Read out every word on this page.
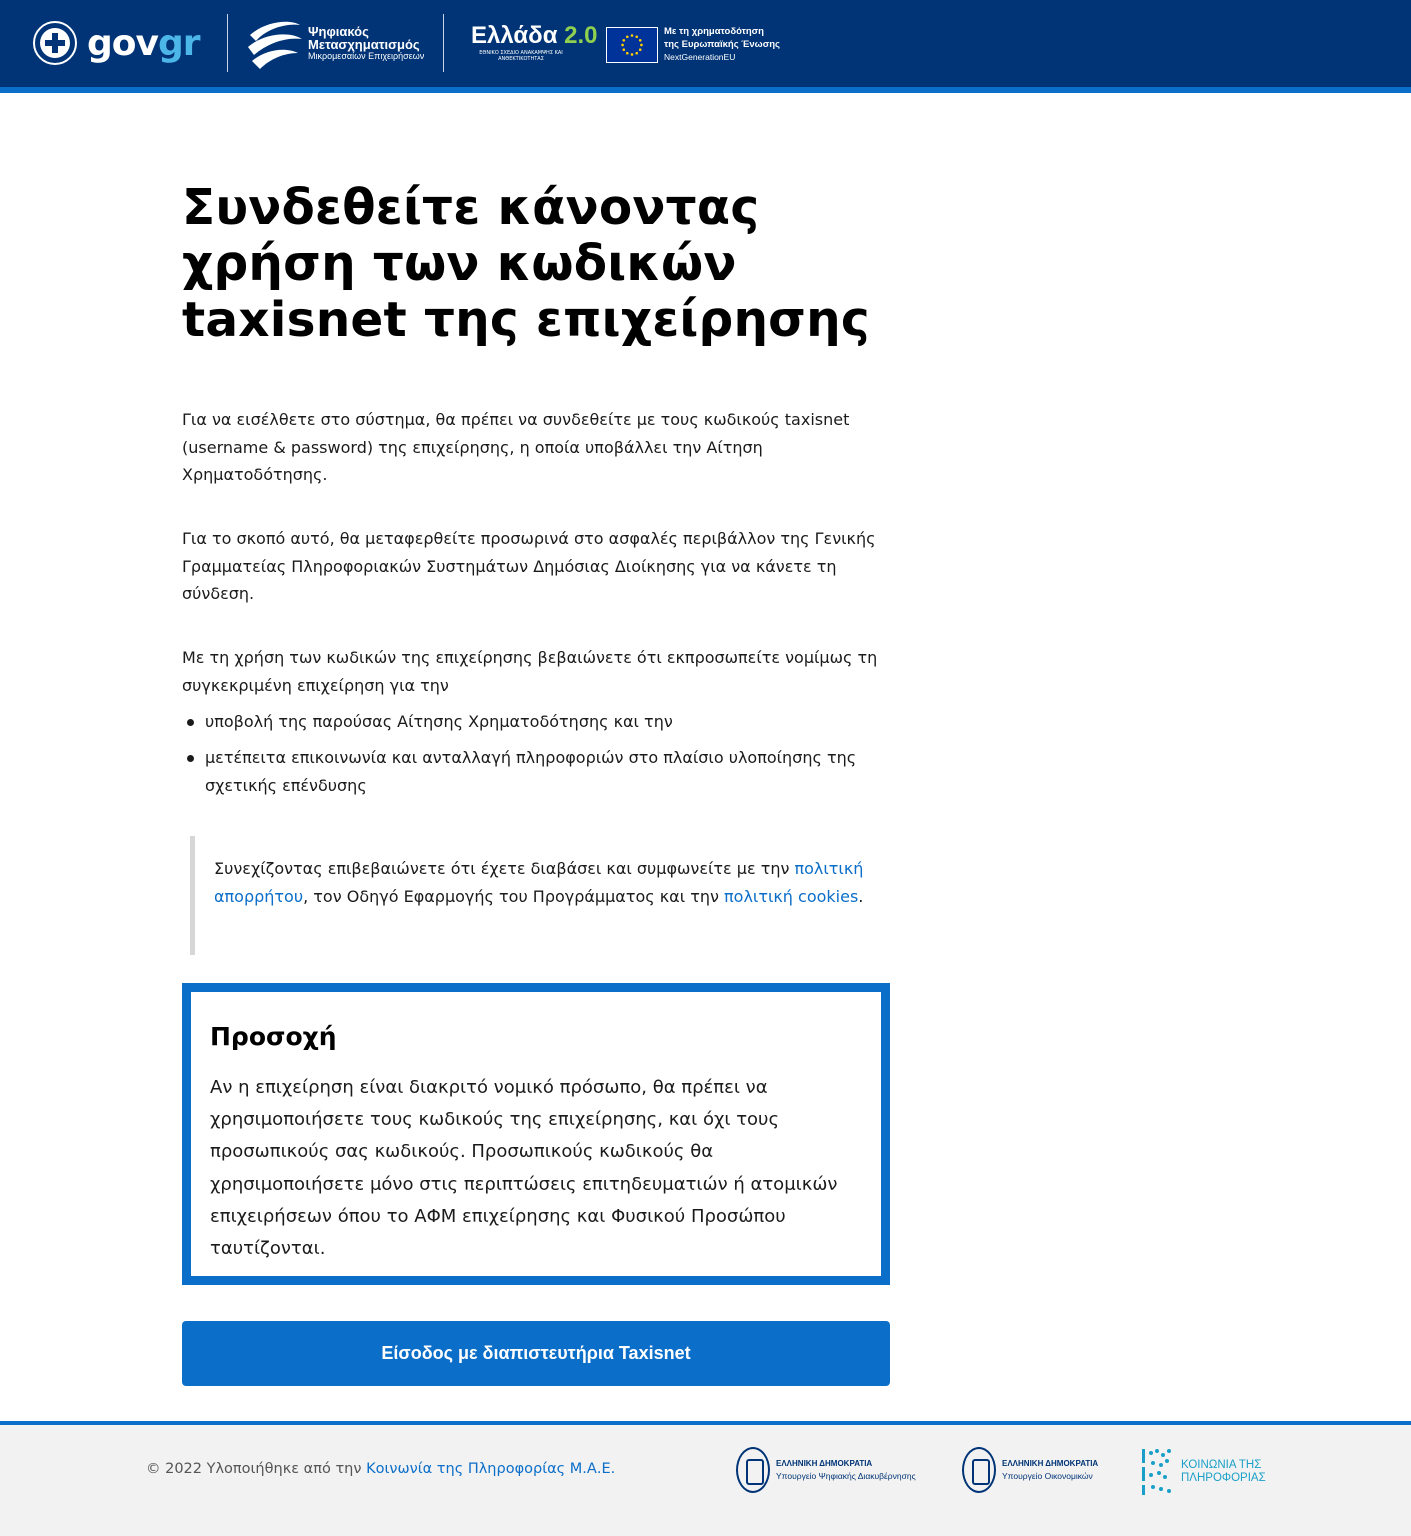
govgr	Ψηφιακός
Μετασχηματισμός
Μικρομεσαίων Επιχειρήσεων
Ελλάδα 2.0
ΕΘΝΙΚΟ ΣΧΕΔΙΟ ΑΝΑΚΑΜΨΗΣ ΚΑΙ ΑΝΘΕΚΤΙΚΟΤΗΤΑΣ
Με τη χρηματοδότηση
της Ευρωπαϊκής Ένωσης
NextGenerationEU
Συνδεθείτε κάνοντας χρήση των κωδικών taxisnet της επιχείρησης

Για να εισέλθετε στο σύστημα, θα πρέπει να συνδεθείτε με τους κωδικούς taxisnet (username & password) της επιχείρησης, η οποία υποβάλλει την Αίτηση Χρηματοδότησης.

Για το σκοπό αυτό, θα μεταφερθείτε προσωρινά στο ασφαλές περιβάλλον της Γενικής Γραμματείας Πληροφοριακών Συστημάτων Δημόσιας Διοίκησης για να κάνετε τη σύνδεση.

Με τη χρήση των κωδικών της επιχείρησης βεβαιώνετε ότι εκπροσωπείτε νομίμως τη συγκεκριμένη επιχείρηση για την

υποβολή της παρούσας Αίτησης Χρηματοδότησης και την
μετέπειτα επικοινωνία και ανταλλαγή πληροφοριών στο πλαίσιο υλοποίησης της σχετικής επένδυσης

Συνεχίζοντας επιβεβαιώνετε ότι έχετε διαβάσει και συμφωνείτε με την πολιτική απορρήτου, τον Οδηγό Εφαρμογής του Προγράμματος και την πολιτική cookies.

Προσοχή

Αν η επιχείρηση είναι διακριτό νομικό πρόσωπο, θα πρέπει να χρησιμοποιήσετε τους κωδικούς της επιχείρησης, και όχι τους προσωπικούς σας κωδικούς. Προσωπικούς κωδικούς θα χρησιμοποιήσετε μόνο στις περιπτώσεις επιτηδευματιών ή ατομικών επιχειρήσεων όπου το ΑΦΜ επιχείρησης και Φυσικού Προσώπου ταυτίζονται.

Είσοδος με διαπιστευτήρια Taxisnet
© 2022 Υλοποιήθηκε από την Κοινωνία της Πληροφορίας Μ.Α.Ε.	ΕΛΛΗΝΙΚΗ ΔΗΜΟΚΡΑΤΙΑ
Υπουργείο Ψηφιακής Διακυβέρνησης
ΕΛΛΗΝΙΚΗ ΔΗΜΟΚΡΑΤΙΑ
Υπουργείο Οικονομικών
ΚΟΙΝΩΝΙΑ ΤΗΣ
ΠΛΗΡΟΦΟΡΙΑΣ
